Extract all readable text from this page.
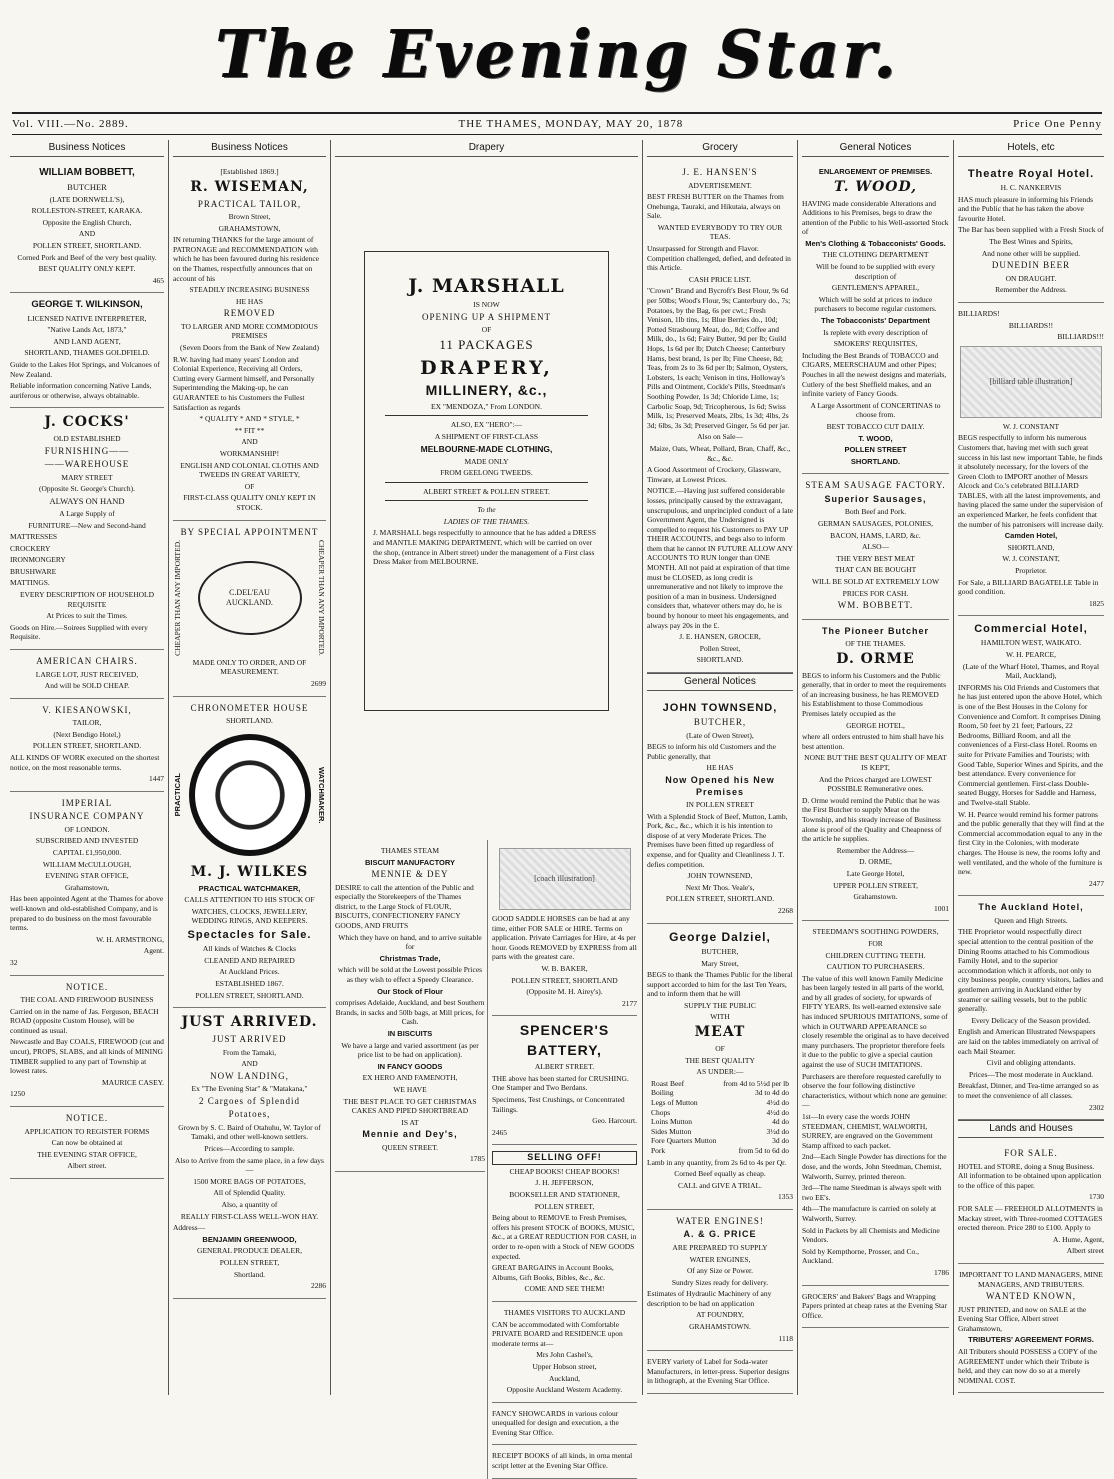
The Evening Star.
Vol. VIII.—No. 2889.	THE THAMES, MONDAY, MAY 20, 1878	Price One Penny
Business Notices

WILLIAM BOBBETT,

BUTCHER

(LATE DORNWELL'S),

ROLLESTON-STREET, KARAKA.

Opposite the English Church,

AND

POLLEN STREET, SHORTLAND.

Corned Pork and Beef of the very best quality.

BEST QUALITY ONLY KEPT.

465

GEORGE T. WILKINSON,

LICENSED NATIVE INTERPRETER,

"Native Lands Act, 1873,"

AND LAND AGENT,

SHORTLAND, THAMES GOLDFIELD.

Guide to the Lakes Hot Springs, and Volcanoes of New Zealand.

Reliable information concerning Native Lands, auriferous or otherwise, always obtainable.

J. COCKS'

OLD ESTABLISHED

FURNISHING——

——WAREHOUSE

MARY STREET

(Opposite St. George's Church).

ALWAYS ON HAND

A Large Supply of

FURNITURE—New and Second-hand

MATTRESSES

CROCKERY

IRONMONGERY

BRUSHWARE

MATTINGS.

EVERY DESCRIPTION OF HOUSEHOLD REQUISITE

At Prices to suit the Times.

Goods on Hire.—Soirees Supplied with every Requisite.

AMERICAN CHAIRS.

LARGE LOT, JUST RECEIVED,

And will be SOLD CHEAP.

V. KIESANOWSKI,

TAILOR,

(Next Bendigo Hotel,)

POLLEN STREET, SHORTLAND.

ALL KINDS OF WORK executed on the shortest notice, on the most reasonable terms.

1447

IMPERIAL

INSURANCE COMPANY

OF LONDON.

SUBSCRIBED AND INVESTED

CAPITAL £1,950,000.

WILLIAM McCULLOUGH,

EVENING STAR OFFICE,

Grahamstown,

Has been appointed Agent at the Thames for above well-known and old-established Company, and is prepared to do business on the most favourable terms.

W. H. ARMSTRONG,

Agent.

32

NOTICE.

THE COAL AND FIREWOOD BUSINESS

Carried on in the name of Jas. Ferguson, BEACH ROAD (opposite Custom House), will be continued as usual.

Newcastle and Bay COALS, FIREWOOD (cut and uncut), PROPS, SLABS, and all kinds of MINING TIMBER supplied to any part of Township at lowest rates.

MAURICE CASEY.

1250

NOTICE.

APPLICATION TO REGISTER FORMS

Can now be obtained at

THE EVENING STAR OFFICE,

Albert street.

Business Notices

[Established 1869.]

R. WISEMAN,

PRACTICAL TAILOR,

Brown Street,

GRAHAMSTOWN,

IN returning THANKS for the large amount of PATRONAGE and RECOMMENDATION with which he has been favoured during his residence on the Thames, respectfully announces that on account of his

STEADILY INCREASING BUSINESS

HE HAS

REMOVED

TO LARGER AND MORE COMMODIOUS PREMISES

(Seven Doors from the Bank of New Zealand)

R.W. having had many years' London and Colonial Experience, Receiving all Orders, Cutting every Garment himself, and Personally Superintending the Making-up, he can GUARANTEE to his Customers the Fullest Satisfaction as regards

* QUALITY * AND * STYLE, *

** FIT **

AND

WORKMANSHIP!

ENGLISH AND COLONIAL CLOTHS AND TWEEDS IN GREAT VARIETY,

OF

FIRST-CLASS QUALITY ONLY KEPT IN STOCK.

BY SPECIAL APPOINTMENT

CHEAPER THAN ANY IMPORTED.	C.DEL'EAU
AUCKLAND.	CHEAPER THAN ANY IMPORTED.

MADE ONLY TO ORDER, AND OF MEASUREMENT.

2699

CHRONOMETER HOUSE

SHORTLAND.

PRACTICAL	WATCHMAKER.

M. J. WILKES

PRACTICAL WATCHMAKER,

CALLS ATTENTION TO HIS STOCK OF

WATCHES, CLOCKS, JEWELLERY, WEDDING RINGS, AND KEEPERS.

Spectacles for Sale.

All kinds of Watches & Clocks

CLEANED AND REPAIRED

At Auckland Prices.

ESTABLISHED 1867.

POLLEN STREET, SHORTLAND.

JUST ARRIVED.

JUST ARRIVED

From the Tamaki,

AND

NOW LANDING,

Ex "The Evening Star" & "Matakana,"

2 Cargoes of Splendid

Potatoes,

Grown by S. C. Baird of Otahuhu, W. Taylor of Tamaki, and other well-known settlers.

Prices—According to sample.

Also to Arrive from the same place, in a few days—

1500 MORE BAGS OF POTATOES,

All of Splendid Quality.

Also, a quantity of

REALLY FIRST-CLASS WELL-WON HAY.

Address—

BENJAMIN GREENWOOD,

GENERAL PRODUCE DEALER,

POLLEN STREET,

Shortland.

2286

Drapery

J. MARSHALL

IS NOW

OPENING UP A SHIPMENT

OF

11 PACKAGES

DRAPERY,

MILLINERY, &c.,

EX "MENDOZA," From LONDON.

ALSO, EX "HERO":—

A SHIPMENT OF FIRST-CLASS

MELBOURNE-MADE CLOTHING,

MADE ONLY

FROM GEELONG TWEEDS.

ALBERT STREET & POLLEN STREET.

To the

LADIES OF THE THAMES.

J. MARSHALL begs respectfully to announce that he has added a DRESS and MANTLE MAKING DEPARTMENT, which will be carried on over the shop, (entrance in Albert street) under the management of a First class Dress Maker from MELBOURNE.

THAMES STEAM

BISCUIT MANUFACTORY

MENNIE & DEY

DESIRE to call the attention of the Public and especially the Storekeepers of the Thames district, to the Large Stock of FLOUR, BISCUITS, CONFECTIONERY FANCY GOODS, AND FRUITS

Which they have on hand, and to arrive suitable for

Christmas Trade,

which will be sold at the Lowest possible Prices as they wish to effect a Speedy Clearance.

Our Stock of Flour

comprises Adelaide, Auckland, and best Southern Brands, in sacks and 50lb bags, at Mill prices, for Cash.

IN BISCUITS

We have a large and varied assortment (as per price list to be had on application).

IN FANCY GOODS

EX HERO AND FAMENOTH,

WE HAVE

THE BEST PLACE TO GET CHRISTMAS CAKES AND PIPED SHORTBREAD

IS AT

Mennie and Dey's,

QUEEN STREET.

1785

[coach illustration]

GOOD SADDLE HORSES can be had at any time, either FOR SALE or HIRE. Terms on application. Private Carriages for Hire, at 4s per hour. Goods REMOVED by EXPRESS from all parts with the greatest care.

W. B. BAKER,

POLLEN STREET, SHORTLAND

(Opposite M. H. Airey's).

2177

SPENCER'S

BATTERY,

ALBERT STREET.

THE above has been started for CRUSHING. One Stamper and Two Berdans.

Specimens, Test Crushings, or Concentrated Tailings.

Geo. Harcourt.

2465

SELLING OFF!

CHEAP BOOKS! CHEAP BOOKS!

J. H. JEFFERSON,

BOOKSELLER AND STATIONER,

POLLEN STREET,

Being about to REMOVE to Fresh Premises, offers his present STOCK of BOOKS, MUSIC, &c., at a GREAT REDUCTION FOR CASH, in order to re-open with a Stock of NEW GOODS expected.

GREAT BARGAINS in Account Books, Albums, Gift Books, Bibles, &c., &c.

COME AND SEE THEM!

THAMES VISITORS TO AUCKLAND

CAN be accommodated with Comfortable PRIVATE BOARD and RESIDENCE upon moderate terms at—

Mrs John Cashel's,

Upper Hobson street,

Auckland,

Opposite Auckland Western Academy.

FANCY SHOWCARDS in various colour unequalled for design and execution, a the Evening Star Office.

RECEIPT BOOKS of all kinds, in orna mental script letter at the Evening Star Office.

Grocery

J. E. HANSEN'S

ADVERTISEMENT.

BEST FRESH BUTTER on the Thames from Onehunga, Tauraki, and Hikutaia, always on Sale.

WANTED EVERYBODY TO TRY OUR TEAS.

Unsurpassed for Strength and Flavor. Competition challenged, defied, and defeated in this Article.

CASH PRICE LIST.

"Crown" Brand and Bycroft's Best Flour, 9s 6d per 50lbs; Wood's Flour, 9s; Canterbury do., 7s; Potatoes, by the Bag, 6s per cwt.; Fresh Venison, 1lb tins, 1s; Blue Berries do., 10d; Potted Strasbourg Meat, do., 8d; Coffee and Milk, do., 1s 6d; Fairy Butter, 9d per lb; Guild Hops, 1s 6d per lb; Dutch Cheese; Canterbury Hams, best brand, 1s per lb; Fine Cheese, 8d; Teas, from 2s to 3s 6d per lb; Salmon, Oysters, Lobsters, 1s each; Venison in tins, Holloway's Pills and Ointment, Cockle's Pills, Steedman's Soothing Powder, 1s 3d; Chloride Lime, 1s; Carbolic Soap, 9d; Tricopherous, 1s 6d; Swiss Milk, 1s; Preserved Meats, 2lbs, 1s 3d; 4lbs, 2s 3d; 6lbs, 3s 3d; Preserved Ginger, 5s 6d per jar.

Also on Sale—

Maize, Oats, Wheat, Pollard, Bran, Chaff, &c., &c., &c.

A Good Assortment of Crockery, Glassware, Tinware, at Lowest Prices.

NOTICE.—Having just suffered considerable losses, principally caused by the extravagant, unscrupulous, and unprincipled conduct of a late Government Agent, the Undersigned is compelled to request his Customers to PAY UP THEIR ACCOUNTS, and begs also to inform them that he cannot IN FUTURE ALLOW ANY ACCOUNTS TO RUN longer than ONE MONTH. All not paid at expiration of that time must be CLOSED, as long credit is unremunerative and not likely to improve the position of a man in business. Undersigned considers that, whatever others may do, he is bound by honour to meet his engagements, and always pay 20s in the £.

J. E. HANSEN, GROCER,

Pollen Street,

SHORTLAND.

General Notices

JOHN TOWNSEND,

BUTCHER,

(Late of Owen Street),

BEGS to inform his old Customers and the Public generally, that

HE HAS

Now Opened his New Premises

IN POLLEN STREET

With a Splendid Stock of Beef, Mutton, Lamb, Pork, &c., &c., which it is his intention to dispose of at very Moderate Prices. The Premises have been fitted up regardless of expense, and for Quality and Cleanliness J. T. defies competition.

JOHN TOWNSEND,

Next Mr Thos. Veale's,

POLLEN STREET, SHORTLAND.

2268

George Dalziel,

BUTCHER,

Mary Street,

BEGS to thank the Thames Public for the liberal support accorded to him for the last Ten Years, and to inform them that he will

SUPPLY THE PUBLIC

WITH

MEAT

OF

THE BEST QUALITY

AS UNDER:—

Roast Beef	from 4d to 5½d per lb
Boiling	3d to 4d do
Legs of Mutton	4½d do
Chops	4½d do
Loins Mutton	4d do
Sides Mutton	3½d do
Fore Quarters Mutton	3d do
Pork	from 5d to 6d do

Lamb in any quantity, from 2s 6d to 4s per Qr.

Corned Beef equally as cheap.

CALL and GIVE A TRIAL.

1353

WATER ENGINES!

A. & G. PRICE

ARE PREPARED TO SUPPLY

WATER ENGINES,

Of any Size or Power.

Sundry Sizes ready for delivery.

Estimates of Hydraulic Machinery of any description to be had on application

AT FOUNDRY,

GRAHAMSTOWN.

1118

EVERY variety of Label for Soda-water Manufacturers, in letter-press. Superior designs in lithograph, at the Evening Star Office.

General Notices

ENLARGEMENT OF PREMISES.

T. WOOD,

HAVING made considerable Alterations and Additions to his Premises, begs to draw the attention of the Public to his Well-assorted Stock of

Men's Clothing & Tobacconists' Goods.

THE CLOTHING DEPARTMENT

Will be found to be supplied with every description of

GENTLEMEN'S APPAREL,

Which will be sold at prices to induce purchasers to become regular customers.

The Tobacconists' Department

Is replete with every description of

SMOKERS' REQUISITES,

Including the Best Brands of TOBACCO and CIGARS, MEERSCHAUM and other Pipes; Pouches in all the newest designs and materials, Cutlery of the best Sheffield makes, and an infinite variety of Fancy Goods.

A Large Assortment of CONCERTINAS to choose from.

BEST TOBACCO CUT DAILY.

T. WOOD,

POLLEN STREET

SHORTLAND.

STEAM SAUSAGE FACTORY.

Superior Sausages,

Both Beef and Pork.

GERMAN SAUSAGES, POLONIES,

BACON, HAMS, LARD, &c.

ALSO—

THE VERY BEST MEAT

THAT CAN BE BOUGHT

WILL BE SOLD AT EXTREMELY LOW

PRICES FOR CASH.

WM. BOBBETT.

The Pioneer Butcher

OF THE THAMES.

D. ORME

BEGS to inform his Customers and the Public generally, that in order to meet the requirements of an increasing business, he has REMOVED his Establishment to those Commodious Premises lately occupied as the

GEORGE HOTEL,

where all orders entrusted to him shall have his best attention.

NONE BUT THE BEST QUALITY OF MEAT IS KEPT,

And the Prices charged are LOWEST POSSIBLE Remunerative ones.

D. Orme would remind the Public that he was the First Butcher to supply Meat on the Township, and his steady increase of Business alone is proof of the Quality and Cheapness of the article he supplies.

Remember the Address—

D. ORME,

Late George Hotel,

UPPER POLLEN STREET,

Grahamstown.

1001

STEEDMAN'S SOOTHING POWDERS,

FOR

CHILDREN CUTTING TEETH.

CAUTION TO PURCHASERS.

The value of this well known Family Medicine has been largely tested in all parts of the world, and by all grades of society, for upwards of FIFTY YEARS. Its well-earned extensive sale has induced SPURIOUS IMITATIONS, some of which in OUTWARD APPEARANCE so closely resemble the original as to have deceived many purchasers. The proprietor therefore feels it due to the public to give a special caution against the use of SUCH IMITATIONS.

Purchasers are therefore requested carefully to observe the four following distinctive characteristics, without which none are genuine:—

1st—In every case the words JOHN STEEDMAN, CHEMIST, WALWORTH, SURREY, are engraved on the Government Stamp affixed to each packet.

2nd—Each Single Powder has directions for the dose, and the words, John Steedman, Chemist, Walworth, Surrey, printed thereon.

3rd—The name Steedman is always spelt with two EE's.

4th—The manufacture is carried on solely at Walworth, Surrey.

Sold in Packets by all Chemists and Medicine Vendors.

Sold by Kempthorne, Prosser, and Co., Auckland.

1786

GROCERS' and Bakers' Bags and Wrapping Papers printed at cheap rates at the Evening Star Office.

Hotels, etc

Theatre Royal Hotel.

H. C. NANKERVIS

HAS much pleasure in informing his Friends and the Public that he has taken the above favourite Hotel.

The Bar has been supplied with a Fresh Stock of

The Best Wines and Spirits,

And none other will be supplied.

DUNEDIN BEER

ON DRAUGHT.

Remember the Address.

BILLIARDS!

BILLIARDS!!

BILLIARDS!!!

[billiard table illustration]

W. J. CONSTANT

BEGS respectfully to inform his numerous Customers that, having met with such great success in his last new important Table, he finds it absolutely necessary, for the lovers of the Green Cloth to IMPORT another of Messrs Alcock and Co.'s celebrated BILLIARD TABLES, with all the latest improvements, and having placed the same under the supervision of an experienced Marker, he feels confident that the number of his patronisers will increase daily.

Camden Hotel,

SHORTLAND,

W. J. CONSTANT,

Proprietor.

For Sale, a BILLIARD BAGATELLE Table in good condition.

1825

Commercial Hotel,

HAMILTON WEST, WAIKATO.

W. H. PEARCE,

(Late of the Wharf Hotel, Thames, and Royal Mail, Auckland),

INFORMS his Old Friends and Customers that he has just entered upon the above Hotel, which is one of the Best Houses in the Colony for Convenience and Comfort. It comprises Dining Room, 50 feet by 21 feet; Parlours, 22 Bedrooms, Billiard Room, and all the conveniences of a First-class Hotel. Rooms en suite for Private Families and Tourists; with Good Table, Superior Wines and Spirits, and the best attendance. Every convenience for Commercial gentlemen. First-class Double-seated Buggy, Horses for Saddle and Harness, and Twelve-stall Stable.

W. H. Pearce would remind his former patrons and the public generally that they will find at the Commercial accommodation equal to any in the first City in the Colonies, with moderate charges. The House is new, the rooms lofty and well ventilated, and the whole of the furniture is new.

2477

The Auckland Hotel,

Queen and High Streets.

THE Proprietor would respectfully direct special attention to the central position of the Dining Rooms attached to his Commodious Family Hotel, and to the superior accommodation which it affords, not only to city business people, country visitors, ladies and gentlemen arriving in Auckland either by steamer or sailing vessels, but to the public generally.

Every Delicacy of the Season provided.

English and American Illustrated Newspapers are laid on the tables immediately on arrival of each Mail Steamer.

Civil and obliging attendants.

Prices—The most moderate in Auckland.

Breakfast, Dinner, and Tea-time arranged so as to meet the convenience of all classes.

2302

Lands and Houses

FOR SALE.

HOTEL and STORE, doing a Snug Business. All information to be obtained upon application to the office of this paper.

1730

FOR SALE — FREEHOLD ALLOTMENTS in Mackay street, with Three-roomed COTTAGES erected thereon. Price 280 to £100. Apply to

A. Hume, Agent,

Albert street

IMPORTANT TO LAND MANAGERS, MINE MANAGERS, AND TRIBUTERS.

WANTED KNOWN,

JUST PRINTED, and now on SALE at the Evening Star Office, Albert street Grahamstown,

TRIBUTERS' AGREEMENT FORMS.

All Tributers should POSSESS a COPY of the AGREEMENT under which their Tribute is held, and they can now do so at a merely NOMINAL COST.
